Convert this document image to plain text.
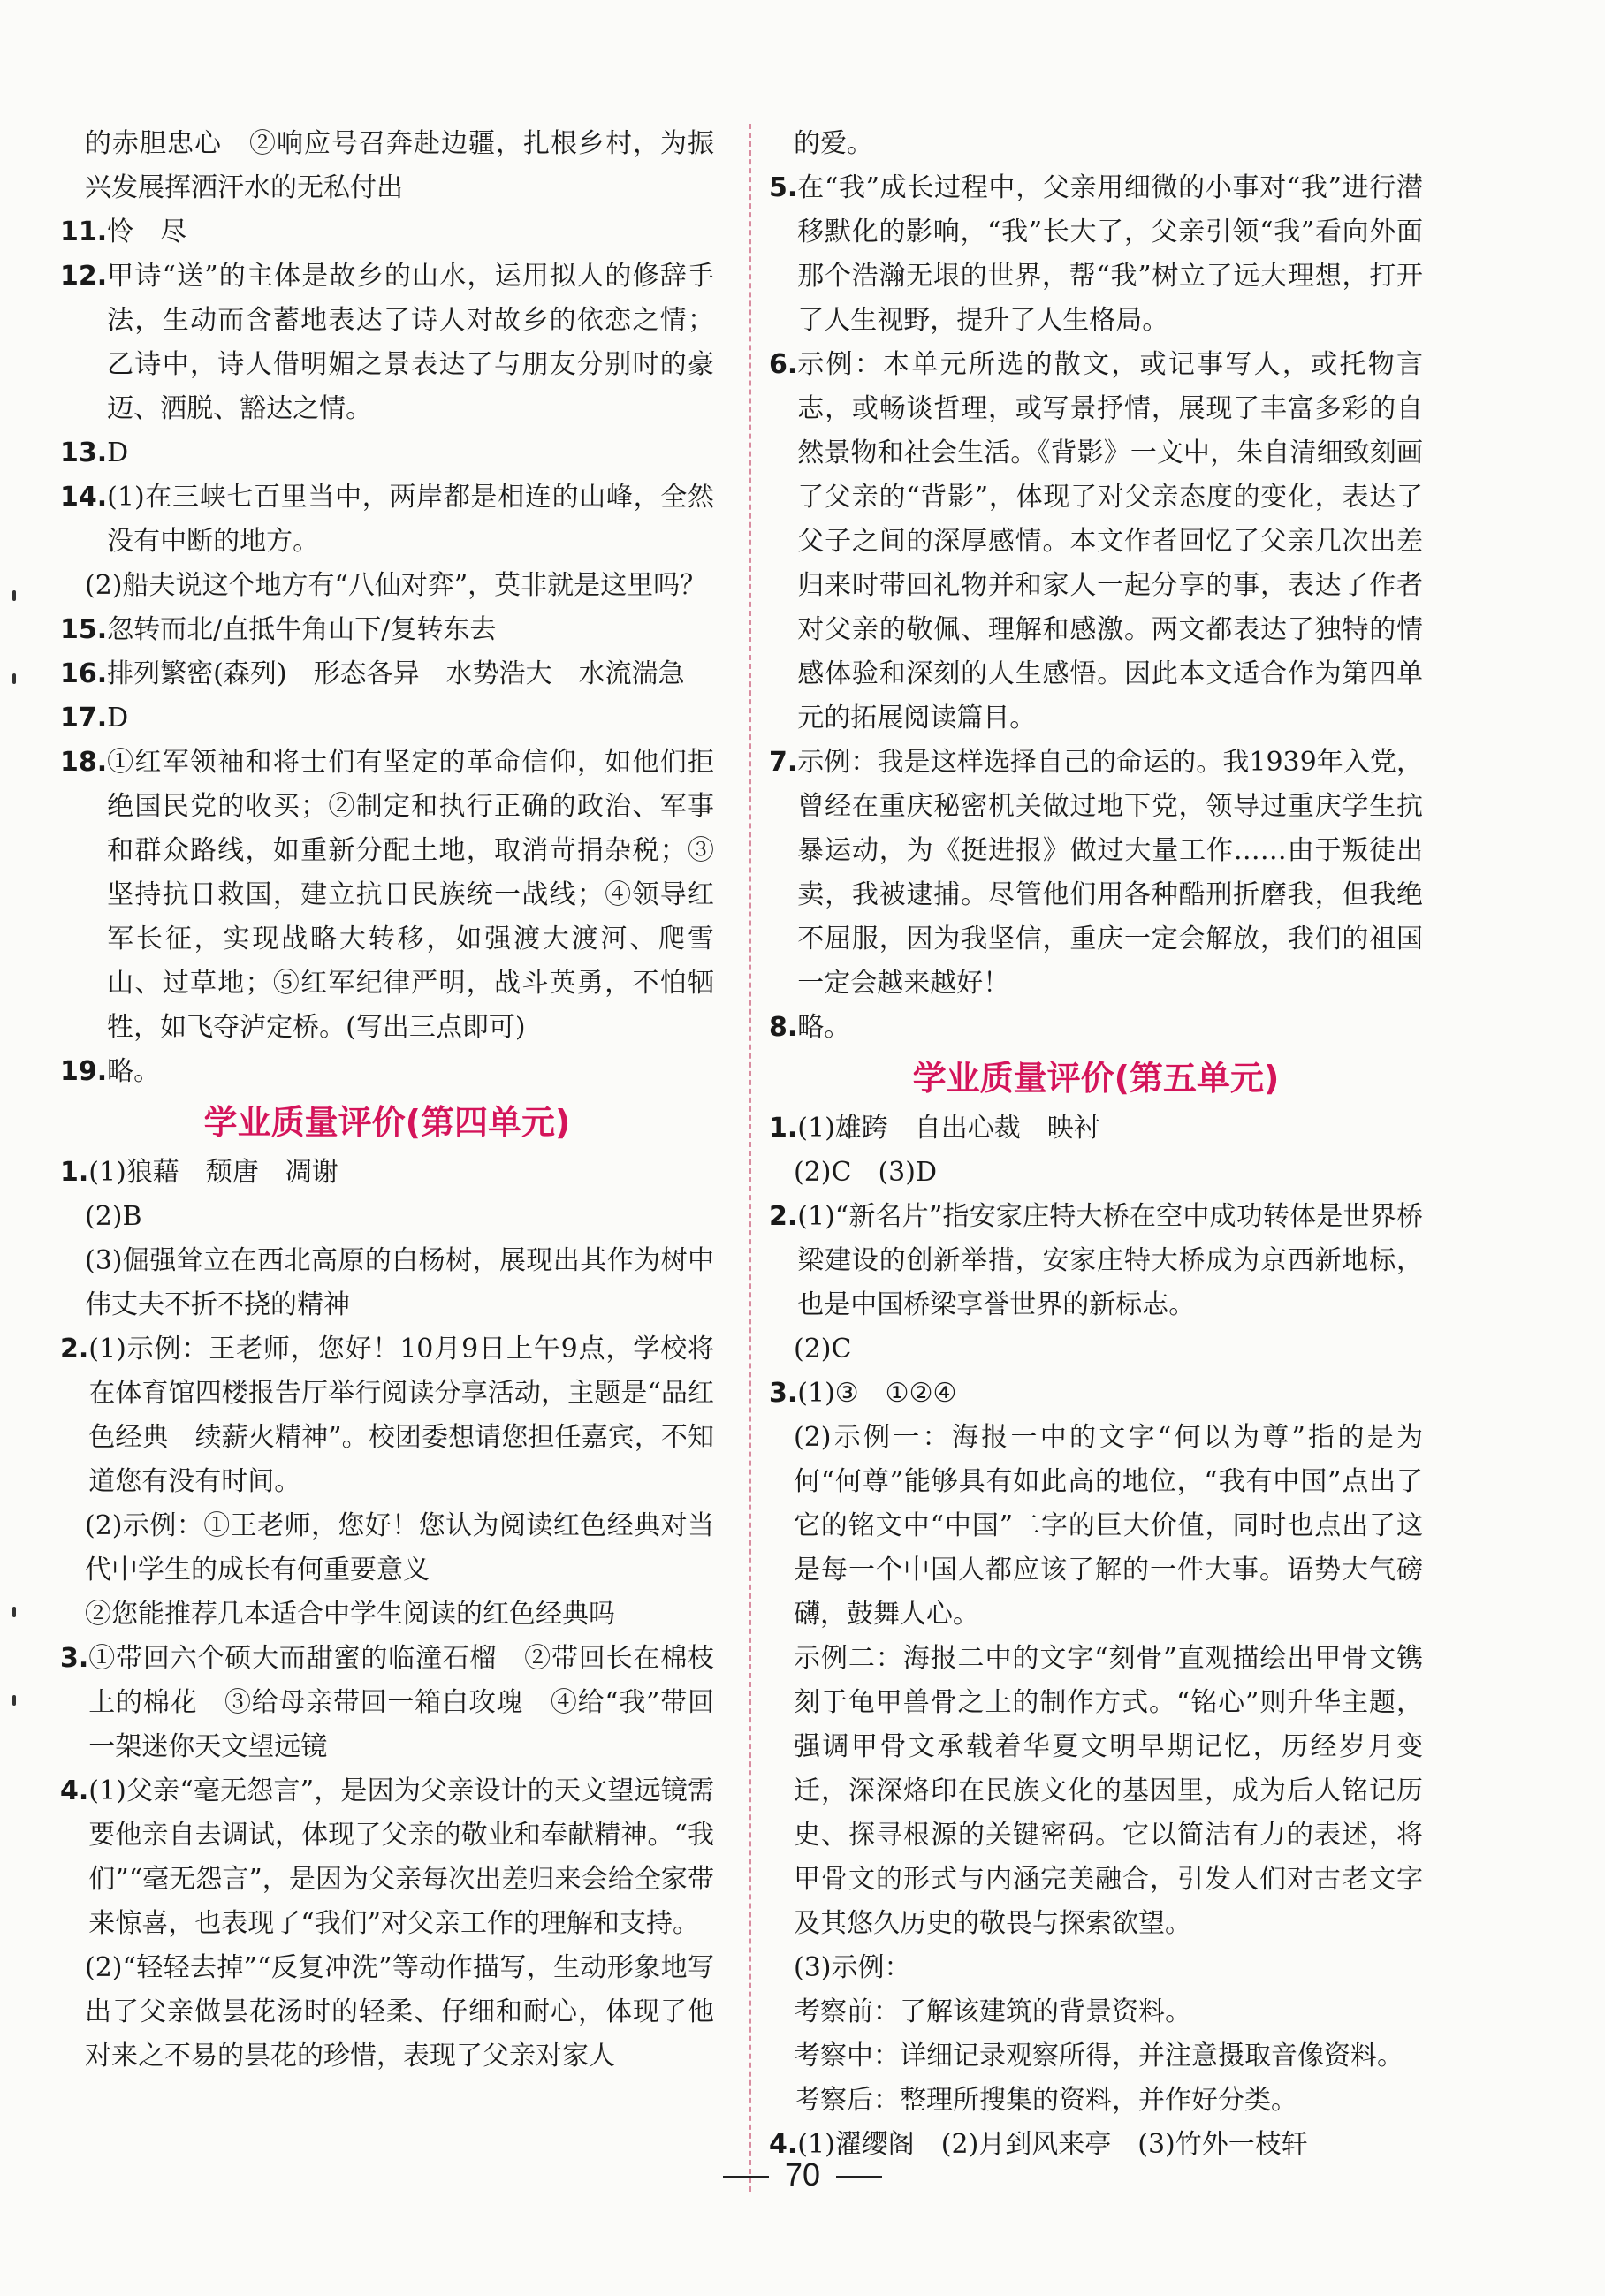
的赤胆忠心　②响应号召奔赴边疆，扎根乡村，为振兴发展挥洒汗水的无私付出
11. 怜　尽
12. 甲诗“送”的主体是故乡的山水，运用拟人的修辞手法，生动而含蓄地表达了诗人对故乡的依恋之情；乙诗中，诗人借明媚之景表达了与朋友分别时的豪迈、洒脱、豁达之情。
13. D
14. (1)在三峡七百里当中，两岸都是相连的山峰，全然没有中断的地方。
(2)船夫说这个地方有“八仙对弈”，莫非就是这里吗？
15. 忽转而北/直抵牛角山下/复转东去
16. 排列繁密(森列)　形态各异　水势浩大　水流湍急
17. D
18. ①红军领袖和将士们有坚定的革命信仰，如他们拒绝国民党的收买；②制定和执行正确的政治、军事和群众路线，如重新分配土地，取消苛捐杂税；③坚持抗日救国，建立抗日民族统一战线；④领导红军长征，实现战略大转移，如强渡大渡河、爬雪山、过草地；⑤红军纪律严明，战斗英勇，不怕牺牲，如飞夺泸定桥。(写出三点即可)
19. 略。
学业质量评价(第四单元)
1. (1)狼藉　颓唐　凋谢
(2)B
(3)倔强耸立在西北高原的白杨树，展现出其作为树中伟丈夫不折不挠的精神
2. (1)示例：王老师，您好！10月9日上午9点，学校将在体育馆四楼报告厅举行阅读分享活动，主题是“品红色经典　续薪火精神”。校团委想请您担任嘉宾，不知道您有没有时间。
(2)示例：①王老师，您好！您认为阅读红色经典对当代中学生的成长有何重要意义
②您能推荐几本适合中学生阅读的红色经典吗
3. ①带回六个硕大而甜蜜的临潼石榴　②带回长在棉枝上的棉花　③给母亲带回一箱白玫瑰　④给“我”带回一架迷你天文望远镜
4. (1)父亲“毫无怨言”，是因为父亲设计的天文望远镜需要他亲自去调试，体现了父亲的敬业和奉献精神。“我们”“毫无怨言”，是因为父亲每次出差归来会给全家带来惊喜，也表现了“我们”对父亲工作的理解和支持。
(2)“轻轻去掉”“反复冲洗”等动作描写，生动形象地写出了父亲做昙花汤时的轻柔、仔细和耐心，体现了他对来之不易的昙花的珍惜，表现了父亲对家人
的爱。
5. 在“我”成长过程中，父亲用细微的小事对“我”进行潜移默化的影响，“我”长大了，父亲引领“我”看向外面那个浩瀚无垠的世界，帮“我”树立了远大理想，打开了人生视野，提升了人生格局。
6. 示例：本单元所选的散文，或记事写人，或托物言志，或畅谈哲理，或写景抒情，展现了丰富多彩的自然景物和社会生活。《背影》一文中，朱自清细致刻画了父亲的“背影”，体现了对父亲态度的变化，表达了父子之间的深厚感情。本文作者回忆了父亲几次出差归来时带回礼物并和家人一起分享的事，表达了作者对父亲的敬佩、理解和感激。两文都表达了独特的情感体验和深刻的人生感悟。因此本文适合作为第四单元的拓展阅读篇目。
7. 示例：我是这样选择自己的命运的。我1939年入党，曾经在重庆秘密机关做过地下党，领导过重庆学生抗暴运动，为《挺进报》做过大量工作……由于叛徒出卖，我被逮捕。尽管他们用各种酷刑折磨我，但我绝不屈服，因为我坚信，重庆一定会解放，我们的祖国一定会越来越好！
8. 略。
学业质量评价(第五单元)
1. (1)雄跨　自出心裁　映衬
(2)C　(3)D
2. (1)“新名片”指安家庄特大桥在空中成功转体是世界桥梁建设的创新举措，安家庄特大桥成为京西新地标，也是中国桥梁享誉世界的新标志。
(2)C
3. (1)③　①②④
(2)示例一：海报一中的文字“何以为尊”指的是为何“何尊”能够具有如此高的地位，“我有中国”点出了它的铭文中“中国”二字的巨大价值，同时也点出了这是每一个中国人都应该了解的一件大事。语势大气磅礴，鼓舞人心。
示例二：海报二中的文字“刻骨”直观描绘出甲骨文镌刻于龟甲兽骨之上的制作方式。“铭心”则升华主题，强调甲骨文承载着华夏文明早期记忆，历经岁月变迁，深深烙印在民族文化的基因里，成为后人铭记历史、探寻根源的关键密码。它以简洁有力的表述，将甲骨文的形式与内涵完美融合，引发人们对古老文字及其悠久历史的敬畏与探索欲望。
(3)示例：
考察前：了解该建筑的背景资料。
考察中：详细记录观察所得，并注意摄取音像资料。
考察后：整理所搜集的资料，并作好分类。
4. (1)濯缨阁　(2)月到风来亭　(3)竹外一枝轩
70
